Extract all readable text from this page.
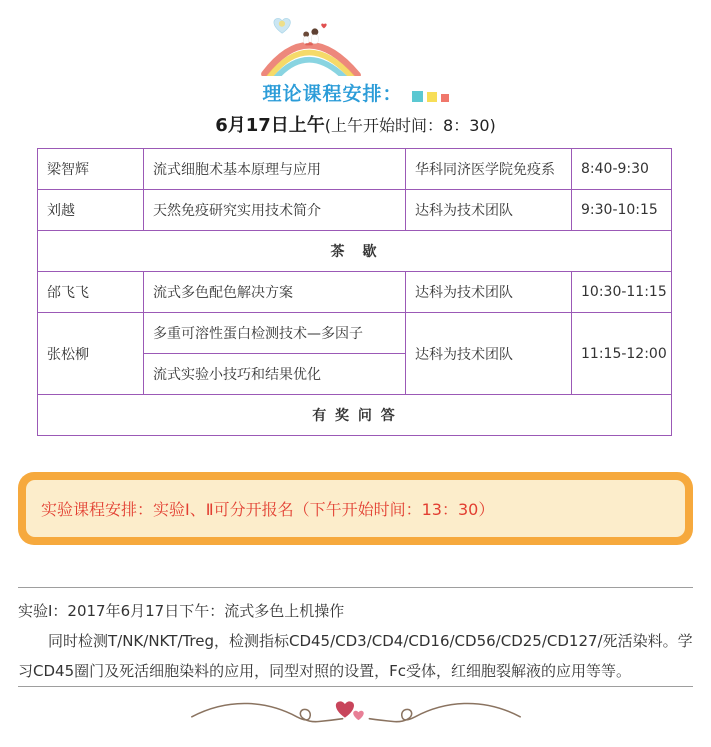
理论课程安排：
6月17日上午(上午开始时间：8：30)
梁智辉	流式细胞术基本原理与应用	华科同济医学院免疫系	8:40-9:30
刘越	天然免疫研究实用技术简介	达科为技术团队	9:30-10:15
茶　歇			
邰飞飞	流式多色配色解决方案	达科为技术团队	10:30-11:15
张松柳	多重可溶性蛋白检测技术—多因子	达科为技术团队	11:15-12:00
	流式实验小技巧和结果优化		
有 奖 问 答			
实验课程安排：实验Ⅰ、Ⅱ可分开报名（下午开始时间：13：30）
实验Ⅰ：2017年6月17日下午：流式多色上机操作

同时检测T/NK/NKT/Treg，检测指标CD45/CD3/CD4/CD16/CD56/CD25/CD127/死活染料。学习CD45圈门及死活细胞染料的应用，同型对照的设置，Fc受体，红细胞裂解液的应用等等。
